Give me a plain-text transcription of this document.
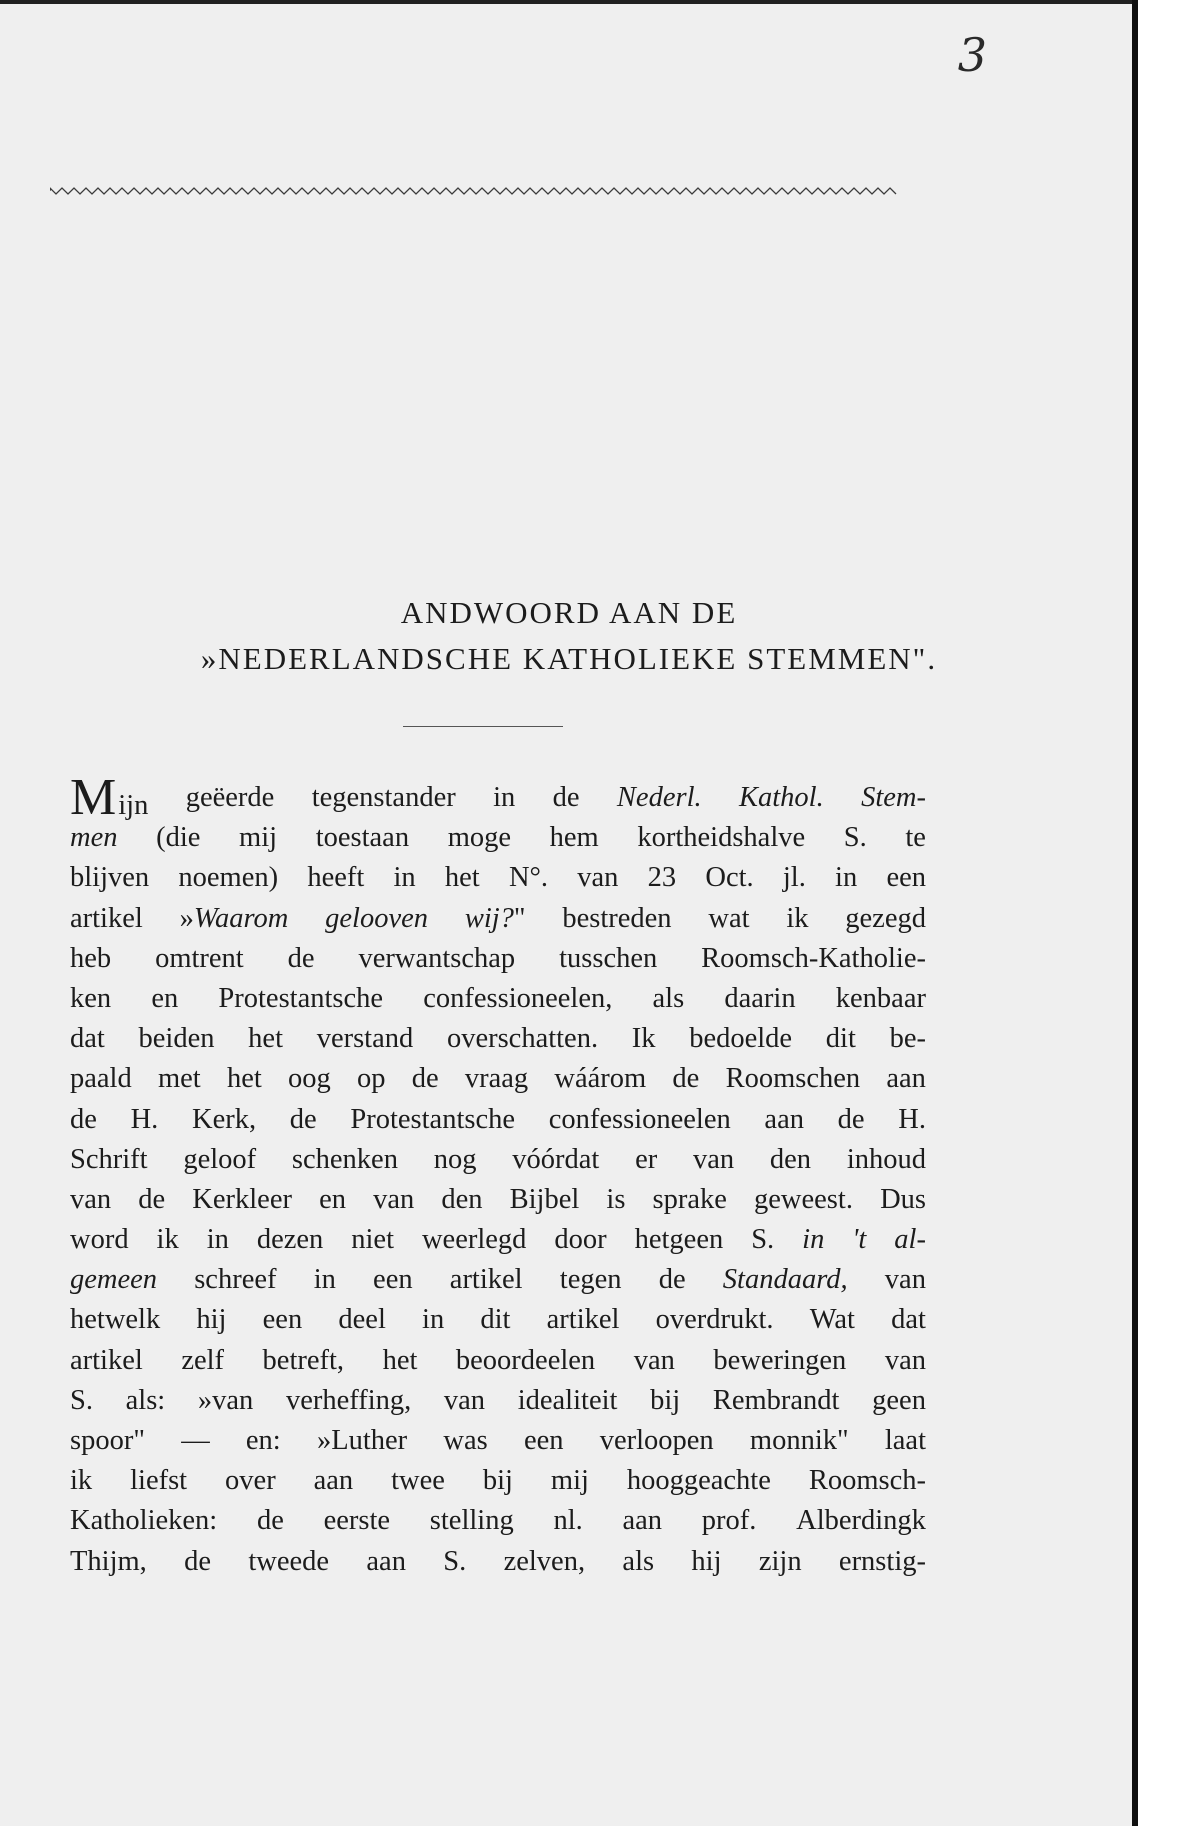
3
ANDWOORD AAN DE
»NEDERLANDSCHE KATHOLIEKE STEMMEN".
Mijn geëerde tegenstander in de Nederl. Kathol. Stem-
men (die mij toestaan moge hem kortheidshalve S. te
blijven noemen) heeft in het N°. van 23 Oct. jl. in een
artikel »Waarom gelooven wij?" bestreden wat ik gezegd
heb omtrent de verwantschap tusschen Roomsch-Katholie-
ken en Protestantsche confessioneelen, als daarin kenbaar
dat beiden het verstand overschatten. Ik bedoelde dit be-
paald met het oog op de vraag wáárom de Roomschen aan
de H. Kerk, de Protestantsche confessioneelen aan de H.
Schrift geloof schenken nog vóórdat er van den inhoud
van de Kerkleer en van den Bijbel is sprake geweest. Dus
word ik in dezen niet weerlegd door hetgeen S. in 't al-
gemeen schreef in een artikel tegen de Standaard, van
hetwelk hij een deel in dit artikel overdrukt. Wat dat
artikel zelf betreft, het beoordeelen van beweringen van
S. als: »van verheffing, van idealiteit bij Rembrandt geen
spoor" — en: »Luther was een verloopen monnik" laat
ik liefst over aan twee bij mij hooggeachte Roomsch-
Katholieken: de eerste stelling nl. aan prof. Alberdingk
Thijm, de tweede aan S. zelven, als hij zijn ernstig-
